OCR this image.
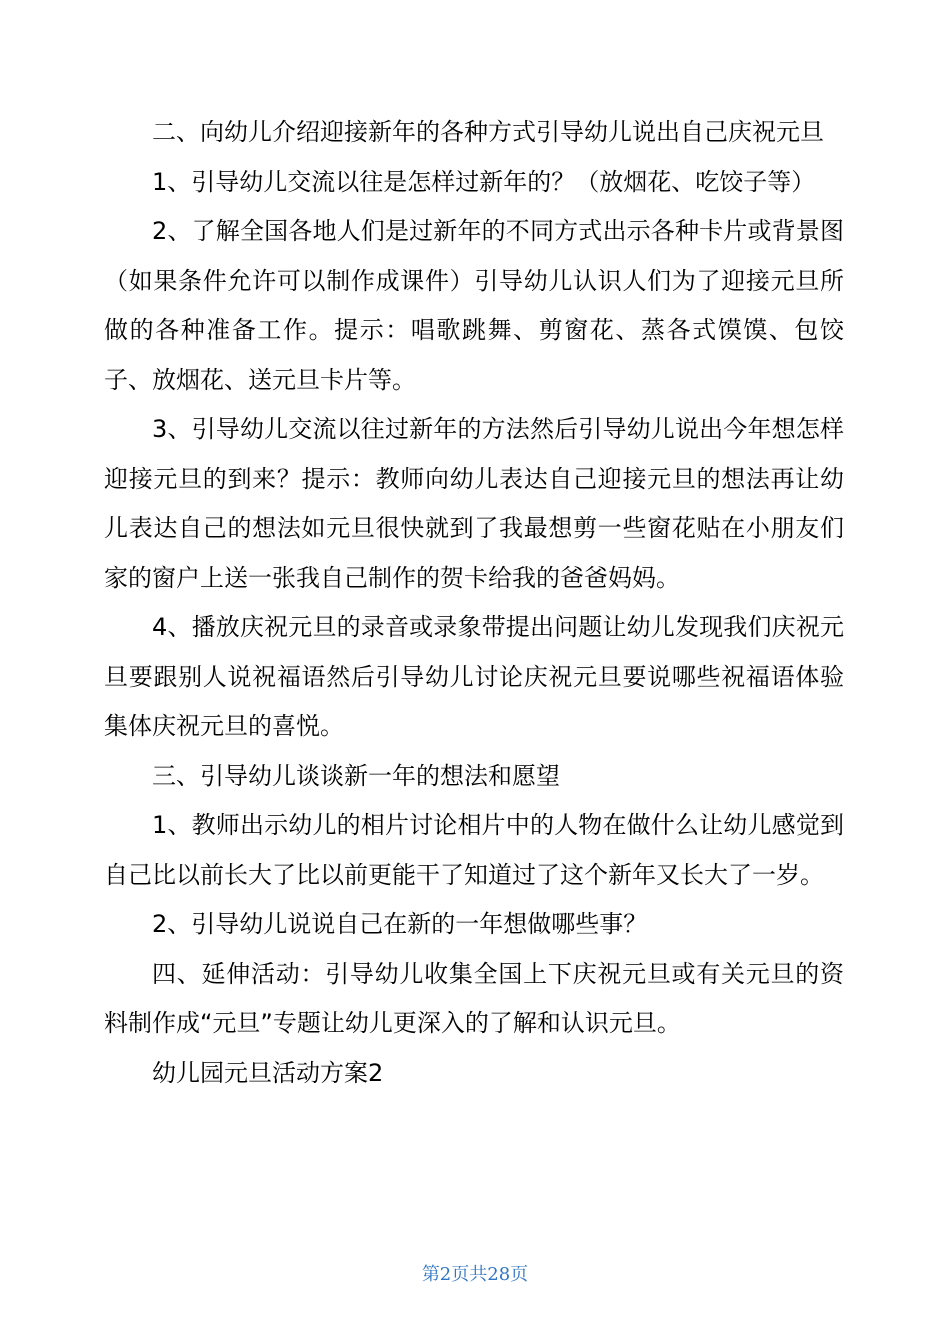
二、向幼儿介绍迎接新年的各种方式引导幼儿说出自己庆祝元旦

1、引导幼儿交流以往是怎样过新年的？（放烟花、吃饺子等）

2、了解全国各地人们是过新年的不同方式出示各种卡片或背景图（如果条件允许可以制作成课件）引导幼儿认识人们为了迎接元旦所做的各种准备工作。提示：唱歌跳舞、剪窗花、蒸各式馍馍、包饺子、放烟花、送元旦卡片等。

3、引导幼儿交流以往过新年的方法然后引导幼儿说出今年想怎样迎接元旦的到来？提示：教师向幼儿表达自己迎接元旦的想法再让幼儿表达自己的想法如元旦很快就到了我最想剪一些窗花贴在小朋友们家的窗户上送一张我自己制作的贺卡给我的爸爸妈妈。

4、播放庆祝元旦的录音或录象带提出问题让幼儿发现我们庆祝元旦要跟别人说祝福语然后引导幼儿讨论庆祝元旦要说哪些祝福语体验集体庆祝元旦的喜悦。

三、引导幼儿谈谈新一年的想法和愿望

1、教师出示幼儿的相片讨论相片中的人物在做什么让幼儿感觉到自己比以前长大了比以前更能干了知道过了这个新年又长大了一岁。

2、引导幼儿说说自己在新的一年想做哪些事？

四、延伸活动：引导幼儿收集全国上下庆祝元旦或有关元旦的资料制作成“元旦”专题让幼儿更深入的了解和认识元旦。

幼儿园元旦活动方案2

第2页共28页
